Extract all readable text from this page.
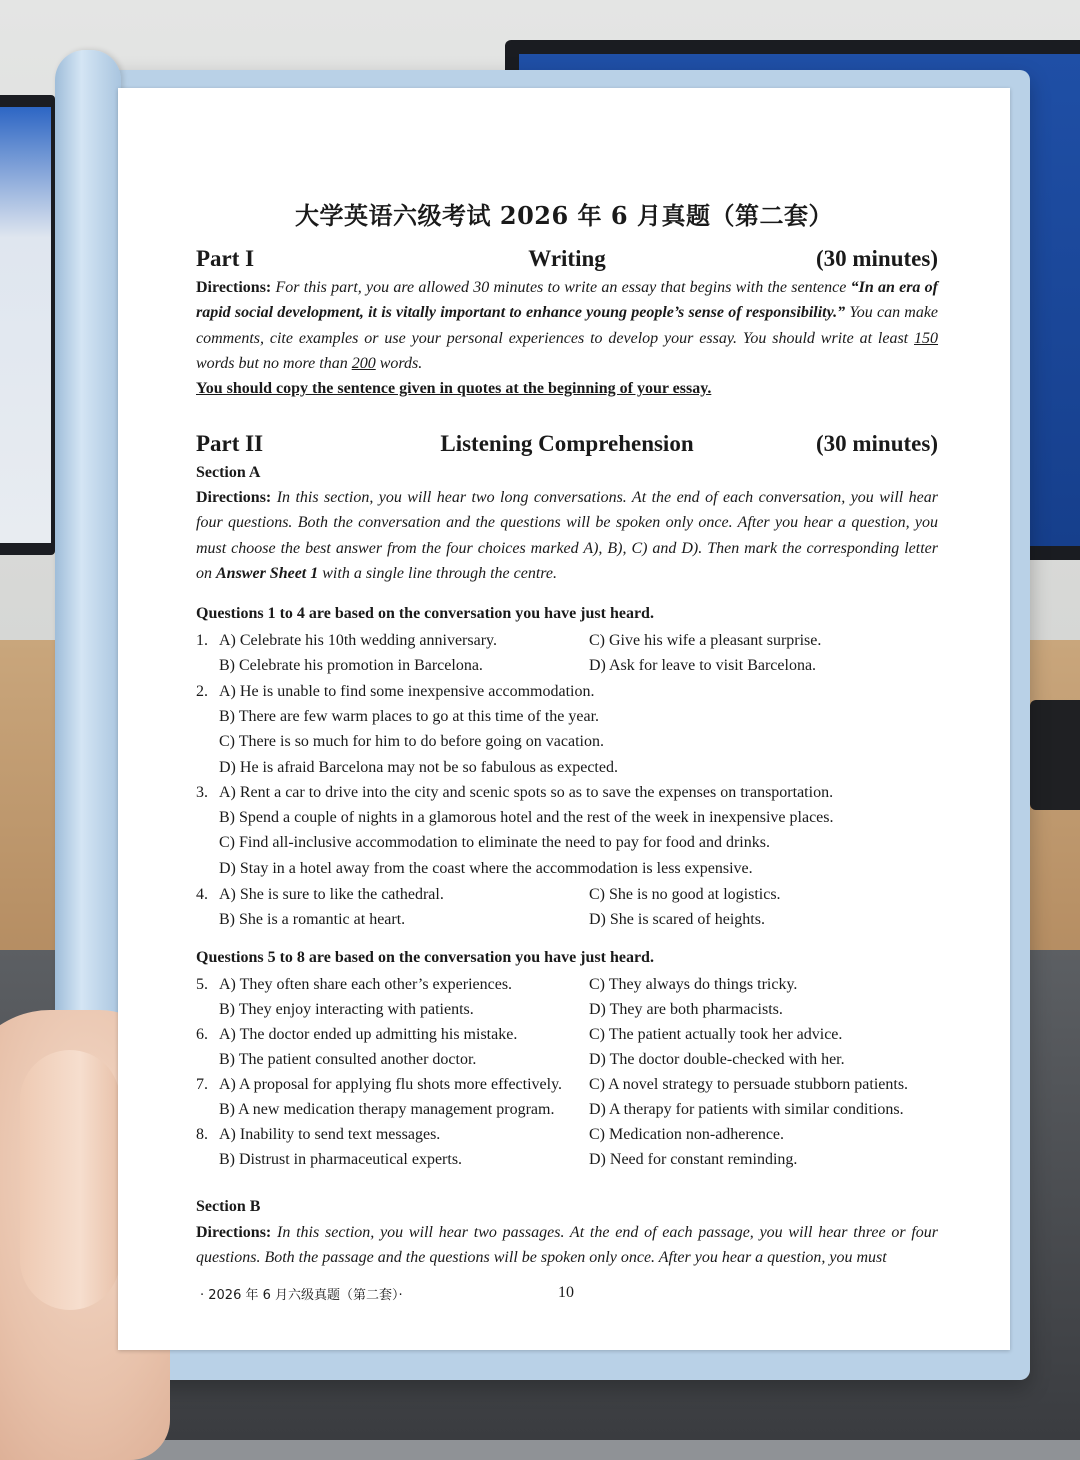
大学英语六级考试 2026 年 6 月真题（第二套）
Writing
Part I	(30 minutes)
Directions: For this part, you are allowed 30 minutes to write an essay that begins with the sentence “In an era of rapid social development, it is vitally important to enhance young people’s sense of responsibility.” You can make comments, cite examples or use your personal experiences to develop your essay. You should write at least 150 words but no more than 200 words.
You should copy the sentence given in quotes at the beginning of your essay.
Listening Comprehension
Part II	(30 minutes)
Section A
Directions: In this section, you will hear two long conversations. At the end of each conversation, you will hear four questions. Both the conversation and the questions will be spoken only once. After you hear a question, you must choose the best answer from the four choices marked A), B), C) and D). Then mark the corresponding letter on Answer Sheet 1 with a single line through the centre.
Questions 1 to 4 are based on the conversation you have just heard.
1. A) Celebrate his 10th wedding anniversary.	C) Give his wife a pleasant surprise.
B) Celebrate his promotion in Barcelona.	D) Ask for leave to visit Barcelona.
2. A) He is unable to find some inexpensive accommodation.
B) There are few warm places to go at this time of the year.
C) There is so much for him to do before going on vacation.
D) He is afraid Barcelona may not be so fabulous as expected.
3. A) Rent a car to drive into the city and scenic spots so as to save the expenses on transportation.
B) Spend a couple of nights in a glamorous hotel and the rest of the week in inexpensive places.
C) Find all-inclusive accommodation to eliminate the need to pay for food and drinks.
D) Stay in a hotel away from the coast where the accommodation is less expensive.
4. A) She is sure to like the cathedral.	C) She is no good at logistics.
B) She is a romantic at heart.	D) She is scared of heights.
Questions 5 to 8 are based on the conversation you have just heard.
5. A) They often share each other’s experiences.	C) They always do things tricky.
B) They enjoy interacting with patients.	D) They are both pharmacists.
6. A) The doctor ended up admitting his mistake.	C) The patient actually took her advice.
B) The patient consulted another doctor.	D) The doctor double-checked with her.
7. A) A proposal for applying flu shots more effectively. C) A novel strategy to persuade stubborn patients.
B) A new medication therapy management program. D) A therapy for patients with similar conditions.
8. A) Inability to send text messages.	C) Medication non-adherence.
B) Distrust in pharmaceutical experts.	D) Need for constant reminding.
Section B
Directions: In this section, you will hear two passages. At the end of each passage, you will hear three or four questions. Both the passage and the questions will be spoken only once. After you hear a question, you must
· 2026 年 6 月六级真题（第二套）·	10
